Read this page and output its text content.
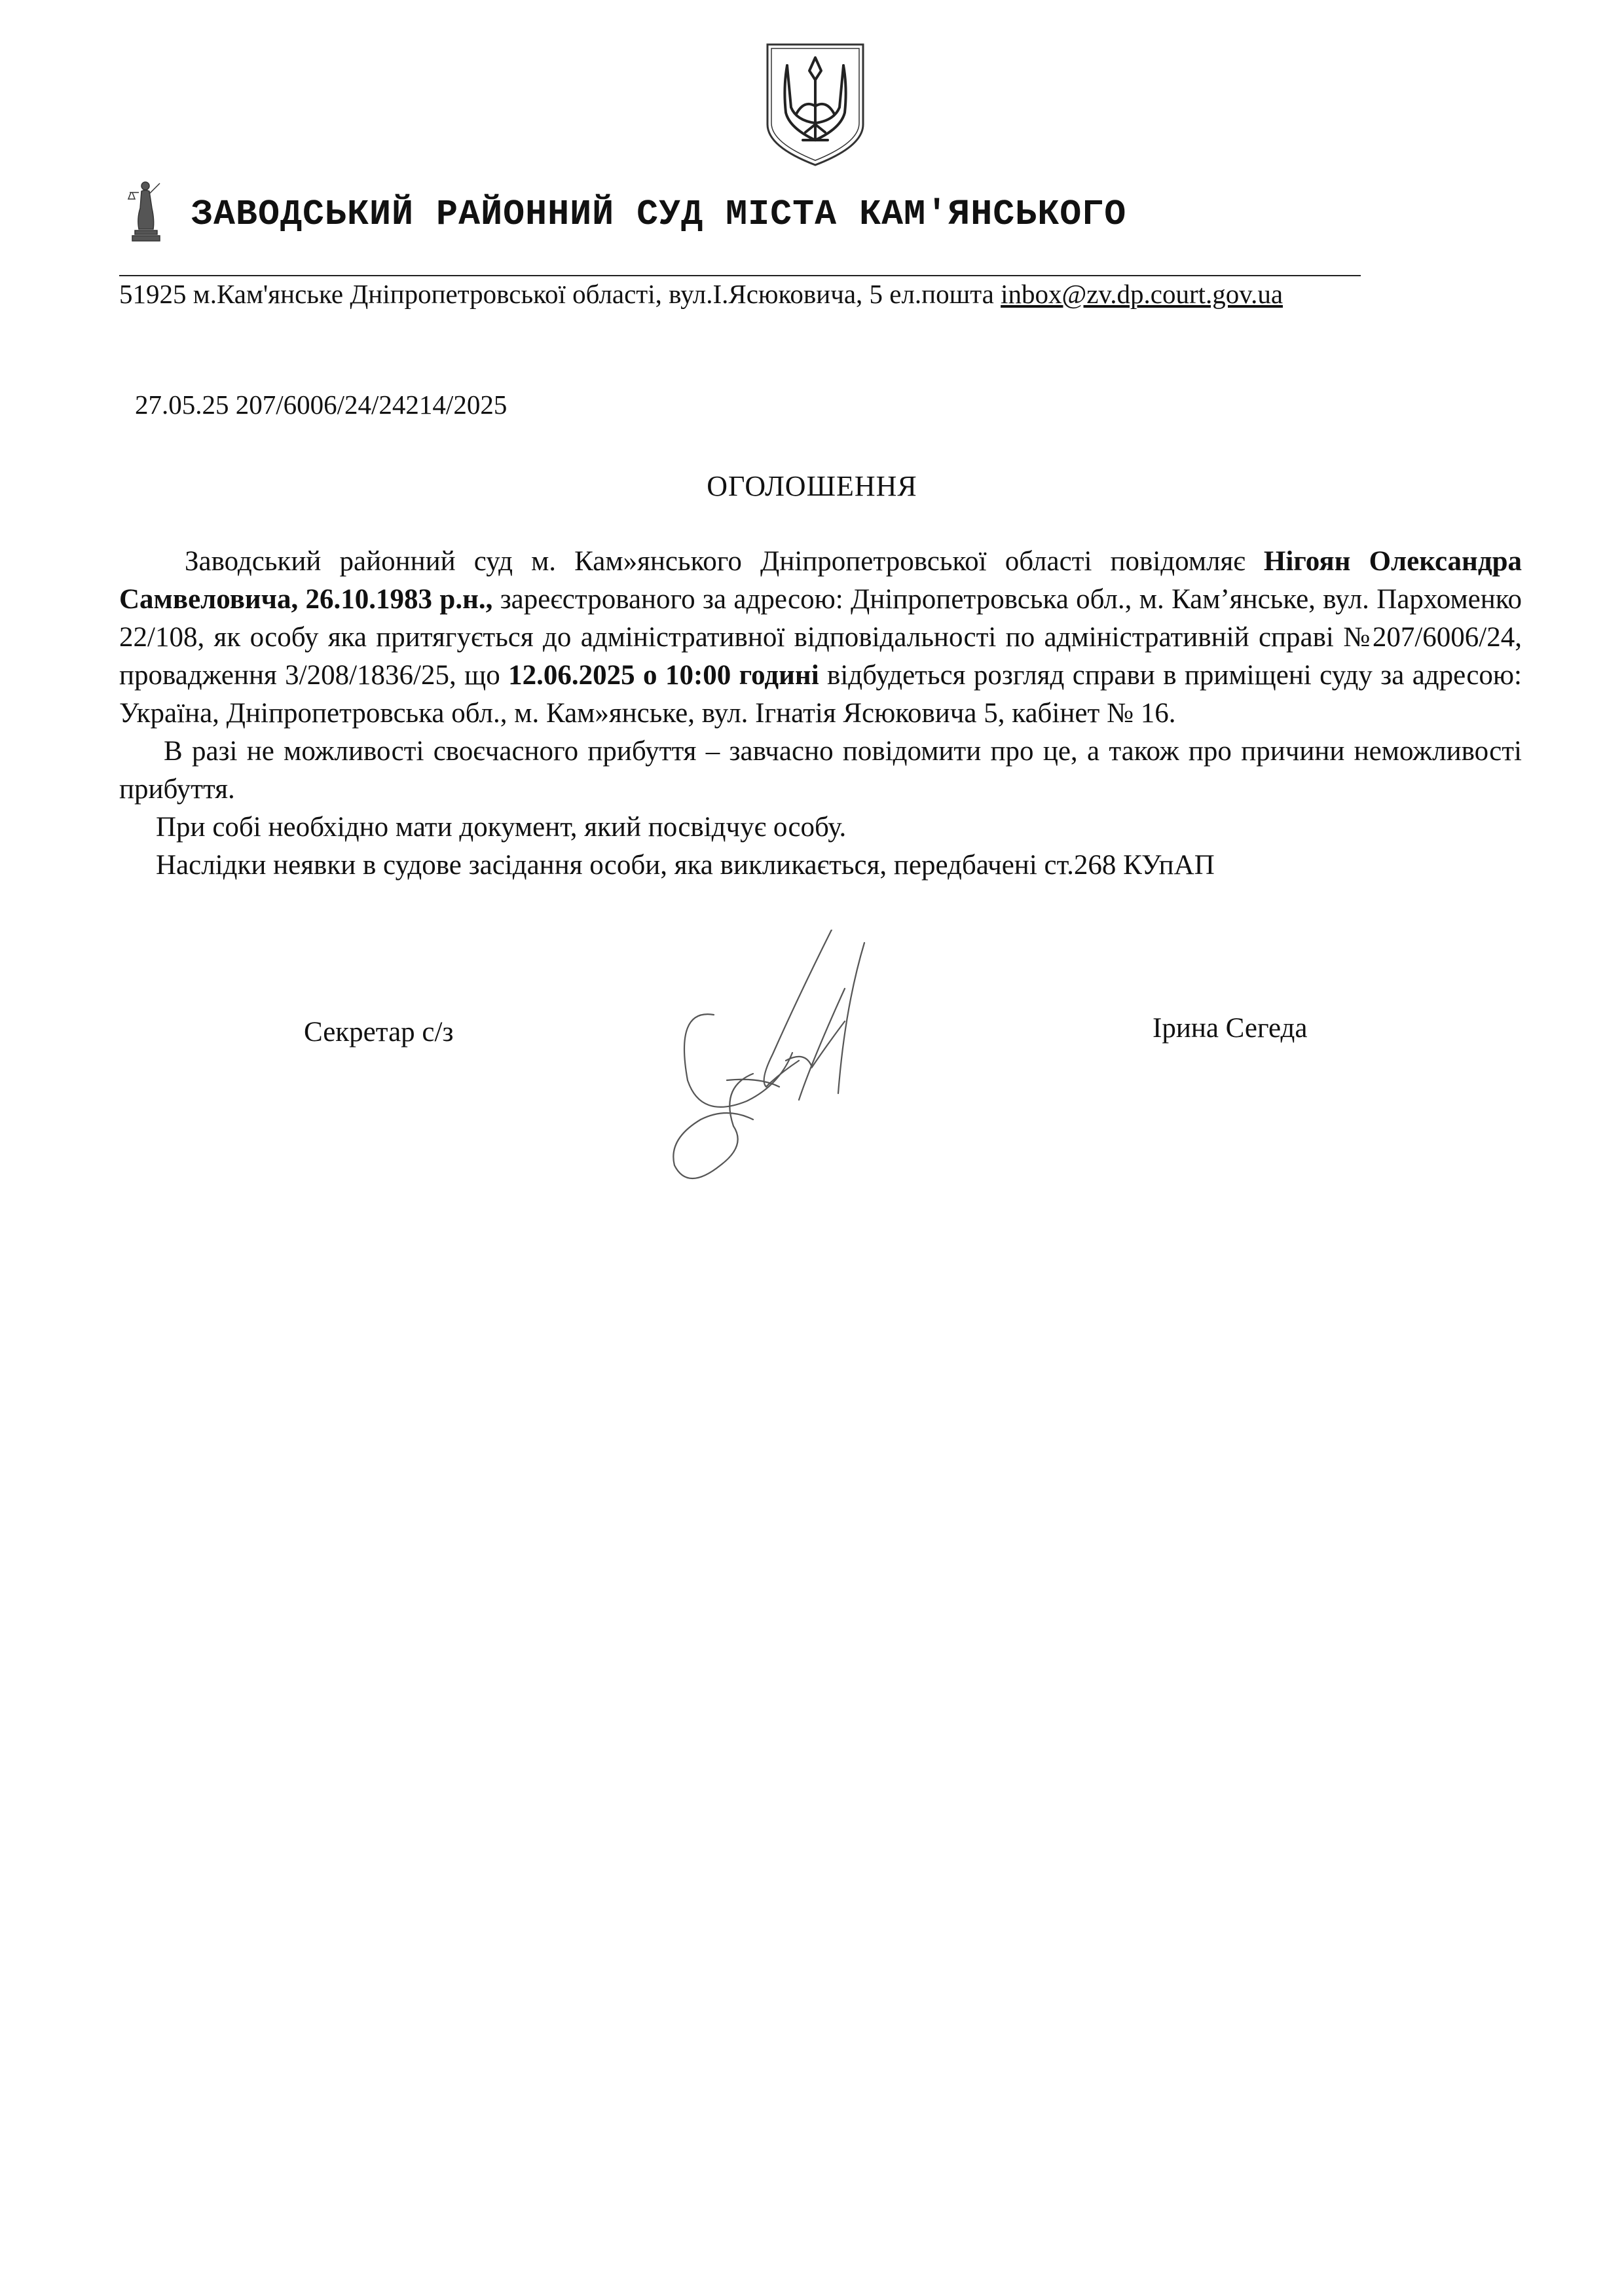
ЗАВОДСЬКИЙ РАЙОННИЙ СУД МІСТА КАМ'ЯНСЬКОГО
51925 м.Кам'янське Дніпропетровської області, вул.І.Ясюковича, 5 ел.пошта inbox@zv.dp.court.gov.ua
27.05.25 207/6006/24/24214/2025
ОГОЛОШЕННЯ

Заводський районний суд м. Кам»янського Дніпропетровської області повідомляє Нігоян Олександра Самвеловича, 26.10.1983 р.н., зареєстрованого за адресою: Дніпропетровська обл., м. Кам’янське, вул. Пархоменко 22/108, як особу яка притягується до адміністративної відповідальності по адміністративній справі №207/6006/24, провадження 3/208/1836/25, що 12.06.2025 о 10:00 годині відбудеться розгляд справи в приміщені суду за адресою: Україна, Дніпропетровська обл., м. Кам»янське, вул. Ігнатія Ясюковича 5, кабінет № 16.

В разі не можливості своєчасного прибуття – завчасно повідомити про це, а також про причини неможливості прибуття.

При собі необхідно мати документ, який посвідчує особу.

Наслідки неявки в судове засідання особи, яка викликається, передбачені ст.268 КУпАП

Секретар с/з	Ірина Сегеда
